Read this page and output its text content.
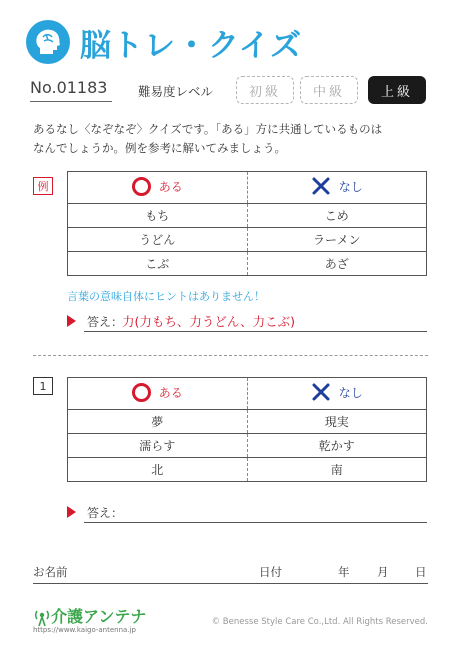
脳トレ・クイズ
No.01183 難易度レベル	初級	中級	上級
あるなし〈なぞなぞ〉クイズです。「ある」方に共通しているものは
なんでしょうか。例を参考に解いてみましょう。
例	ある	なし

もち	こめ
うどん	ラーメン
こぶ	あざ
言葉の意味自体にヒントはありません！
答え：
力(力もち、力うどん、力こぶ)
1	ある	なし

夢	現実
濡らす	乾かす
北	南
答え：
お名前	日付	年 月 日
介護アンテナ
https://www.kaigo-antenna.jp
© Benesse Style Care Co.,Ltd. All Rights Reserved.
